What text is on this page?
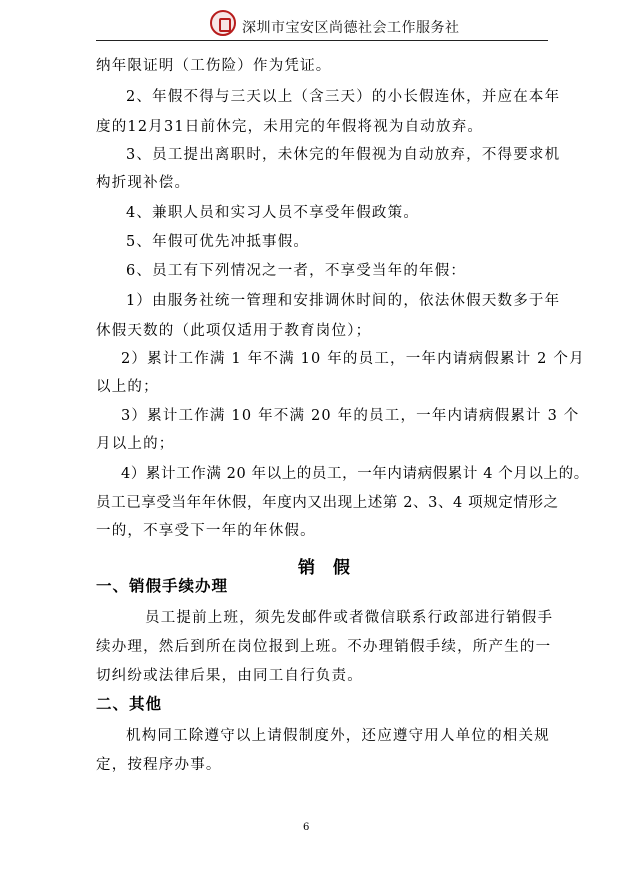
深圳市宝安区尚德社会工作服务社
纳年限证明（工伤险）作为凭证。
2、年假不得与三天以上（含三天）的小长假连休，并应在本年
度的12月31日前休完，未用完的年假将视为自动放弃。
3、员工提出离职时，未休完的年假视为自动放弃，不得要求机
构折现补偿。
4、兼职人员和实习人员不享受年假政策。
5、年假可优先冲抵事假。
6、员工有下列情况之一者，不享受当年的年假：
1）由服务社统一管理和安排调休时间的，依法休假天数多于年
休假天数的（此项仅适用于教育岗位）；
2）累计工作满 1 年不满 10 年的员工，一年内请病假累计 2 个月
以上的；
3）累计工作满 10 年不满 20 年的员工，一年内请病假累计 3 个
月以上的；
4）累计工作满 20 年以上的员工，一年内请病假累计 4 个月以上的。
员工已享受当年年休假，年度内又出现上述第 2、3、4 项规定情形之
一的，不享受下一年的年休假。
销 假
一、销假手续办理
员工提前上班，须先发邮件或者微信联系行政部进行销假手
续办理，然后到所在岗位报到上班。不办理销假手续，所产生的一
切纠纷或法律后果，由同工自行负责。
二、其他
机构同工除遵守以上请假制度外，还应遵守用人单位的相关规
定，按程序办事。
6
